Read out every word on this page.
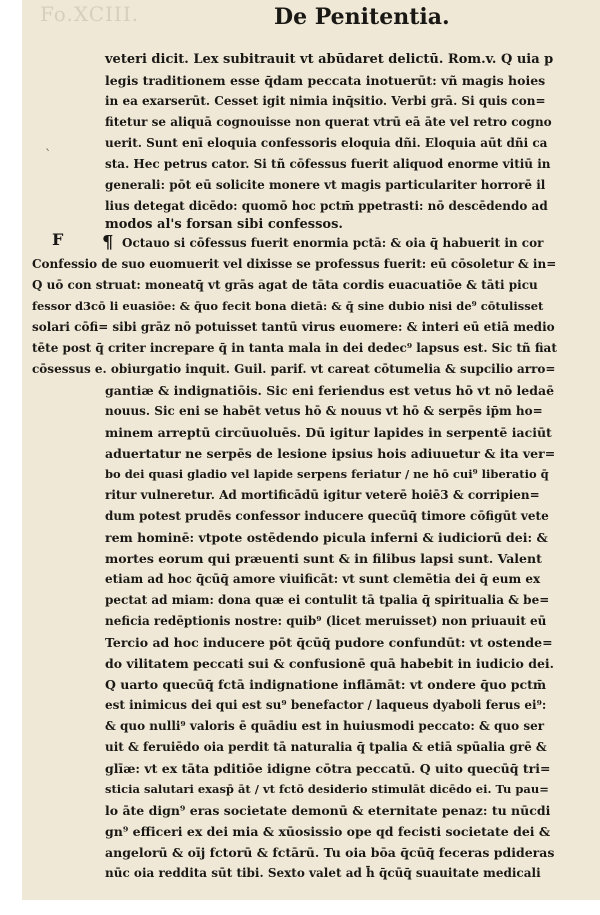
Fo.XCIII.	De Penitentia.
`
F ¶
veteri dicit. Lex subitrauit vt abūdaret delictū. Rom.v. Q uia p
legis traditionem esse q̄dam peccata inotuerūt: vñ magis hoies
in ea exarserūt. Cesset igit nimia inq̄sitio. Verbi grā. Si quis con=
fitetur se aliquā cognouisse non querat vtrū eā āte vel retro cogno
uerit. Sunt enī eloquia confessoris eloquia dñi. Eloquia aūt dñi ca
sta. Hec petrus cator. Si tñ cōfessus fuerit aliquod enorme vitiū in
generali: pōt eū solicite monere vt magis particulariter horrorē il
lius detegat dicēdo: quomō hoc pctm̄ ppetrasti: nō descēdendo ad
modos al's forsan sibi confessos.
Octauo si cōfessus fuerit enormia pctā: & oia q̄ habuerit in cor
Confessio de suo euomuerit vel dixisse se professus fuerit: eū cōsoletur & in=
Q uō con struat: moneatq̄ vt grās agat de tāta cordis euacuatiōe & tāti picu
fessor d3cō li euasiōe: & q̄uo fecit bona dietā: & q̄ sine dubio nisi de⁹ cōtulisset
solari cōfi= sibi grāz nō potuisset tantū virus euomere: & interi eū etiā medio
tēte post q̄ criter increpare q̄ in tanta mala in dei dedec⁹ lapsus est. Sic tñ fiat
cōsessus e. obiurgatio inquit. Guil. parif. vt careat cōtumelia & supcilio arro=
gantiæ & indignatiōis. Sic eni feriendus est vetus hō vt nō ledaē
nouus. Sic eni se habēt vetus hō & nouus vt hō & serpēs ip̄m ho=
minem arreptū circūuoluēs. Dū igitur lapides in serpentē iaciūt
aduertatur ne serpēs de lesione ipsius hois adiuuetur & ita ver=
bo dei quasi gladio vel lapide serpens feriatur / ne hō cui⁹ liberatio q̄
ritur vulneretur. Ad mortificādū igitur veterē hoiē3 & corripien=
dum potest prudēs confessor inducere quecūq̄ timore cōfigūt vete
rem hominē: vtpote ostēdendo picula inferni & iudiciorū dei: &
mortes eorum qui præuenti sunt & in filibus lapsi sunt. Valent
etiam ad hoc q̄cūq̄ amore viuificāt: vt sunt clemētia dei q̄ eum ex
pectat ad miam: dona quæ ei contulit tā tpalia q̄ spiritualia & be=
neficia redēptionis nostre: quib⁹ (licet meruisset) non priuauit eū
Tercio ad hoc inducere pōt q̄cūq̄ pudore confundūt: vt ostende=
do vilitatem peccati sui & confusionē quā habebit in iudicio dei.
Q uarto quecūq̄ fctā indignatione inflāmāt: vt ondere q̄uo pctm̄
est inimicus dei qui est su⁹ benefactor / laqueus dyaboli ferus ei⁹:
& quo nulli⁹ valoris ē quādiu est in huiusmodi peccato: & quo ser
uit & feruiēdo oia perdit tā naturalia q̄ tpalia & etiā spūalia grē &
glīæ: vt ex tāta pditiōe idigne cōtra peccatū. Q uito quecūq̄ tri=
sticia salutari exasp̄ āt / vt fctō desiderio stimulāt dicēdo ei. Tu pau=
lo āte dign⁹ eras societate demonū & eternitate penaz: tu nūcdi
gn⁹ efficeri ex dei mia & xūosissio ope qd fecisti societate dei &
angelorū & oīj fctorū & fctārū. Tu oia bōa q̄cūq̄ feceras pdideras
nūc oia reddita sūt tibi. Sexto valet ad h̄ q̄cūq̄ suauitate medicali
